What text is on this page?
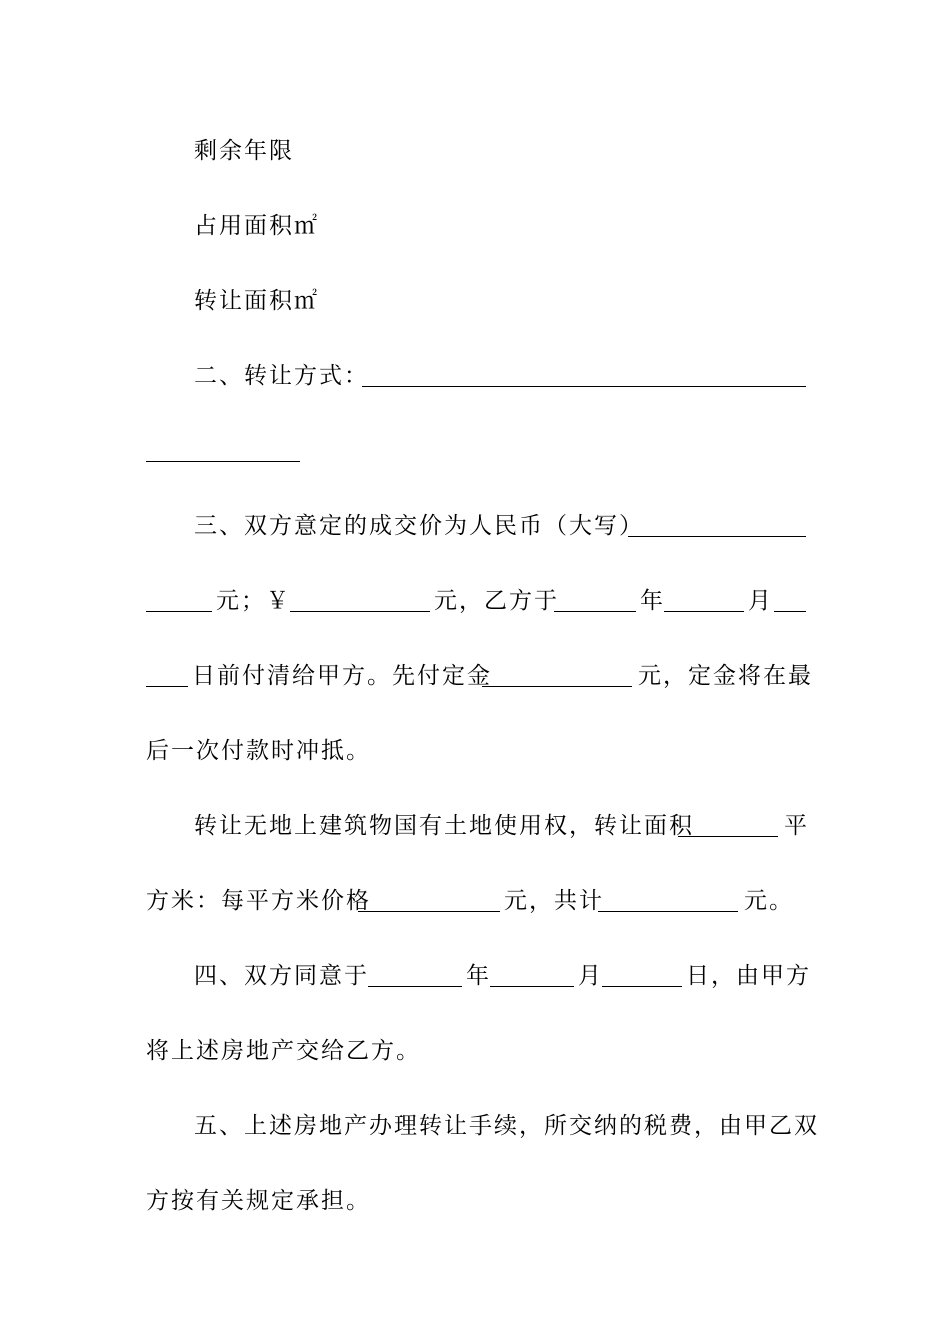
剩余年限
占用面积㎡
转让面积㎡
二、转让方式：
三、双方意定的成交价为人民币（大写）
元；￥	元，乙方于	年	月
日前付清给甲方。先付定金	元，定金将在最
后一次付款时冲抵。
转让无地上建筑物国有土地使用权，转让面积	平
方米：每平方米价格	元，共计	元。
四、双方同意于	年	月	日，由甲方
将上述房地产交给乙方。
五、上述房地产办理转让手续，所交纳的税费，由甲乙双
方按有关规定承担。
